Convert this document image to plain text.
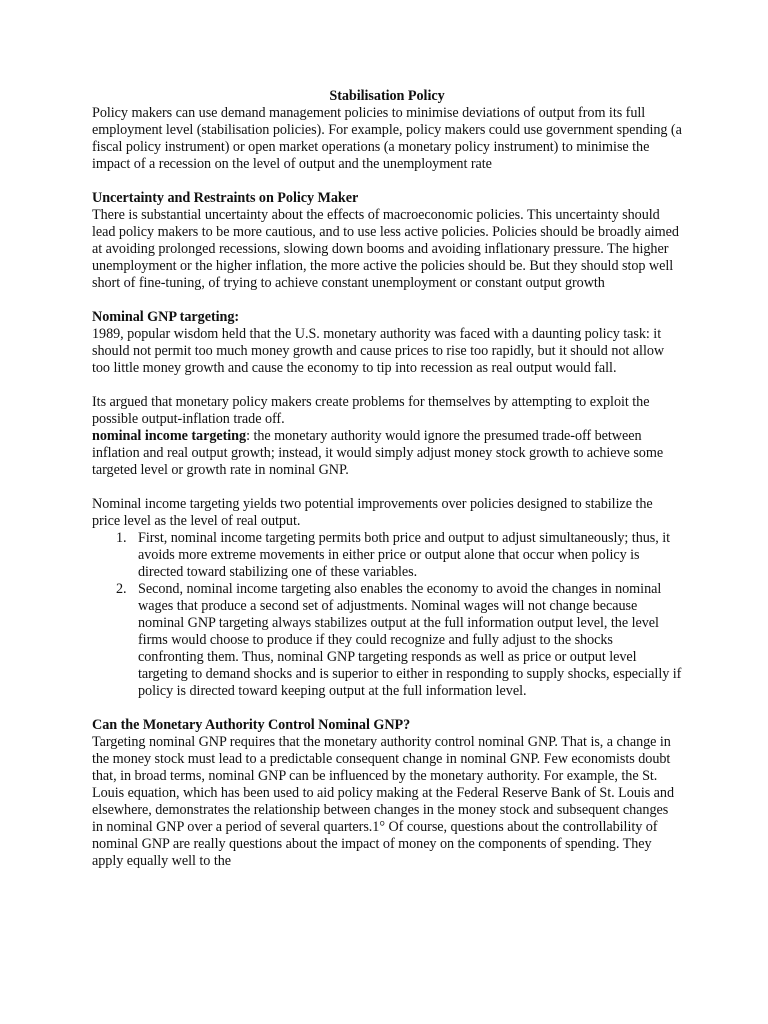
Stabilisation Policy

Policy makers can use demand management policies to minimise deviations of output from its full employment level (stabilisation policies). For example, policy makers could use government spending (a fiscal policy instrument) or open market operations (a monetary policy instrument) to minimise the impact of a recession on the level of output and the unemployment rate

Uncertainty and Restraints on Policy Maker

There is substantial uncertainty about the effects of macroeconomic policies. This uncertainty should lead policy makers to be more cautious, and to use less active policies. Policies should be broadly aimed at avoiding prolonged recessions, slowing down booms and avoiding inflationary pressure. The higher unemployment or the higher inflation, the more active the policies should be. But they should stop well short of fine-tuning, of trying to achieve constant unemployment or constant output growth

Nominal GNP targeting:

1989, popular wisdom held that the U.S. monetary authority was faced with a daunting policy task: it should not permit too much money growth and cause prices to rise too rapidly, but it should not allow too little money growth and cause the economy to tip into recession as real output would fall.

Its argued that monetary policy makers create problems for themselves by attempting to exploit the possible output-inflation trade off.

nominal income targeting: the monetary authority would ignore the presumed trade-off between inflation and real output growth; instead, it would simply adjust money stock growth to achieve some targeted level or growth rate in nominal GNP.

Nominal income targeting yields two potential improvements over policies designed to stabilize the price level as the level of real output.

1. First, nominal income targeting permits both price and output to adjust simultaneously; thus, it avoids more extreme movements in either price or output alone that occur when policy is directed toward stabilizing one of these variables.
2. Second, nominal income targeting also enables the economy to avoid the changes in nominal wages that produce a second set of adjustments. Nominal wages will not change because nominal GNP targeting always stabilizes output at the full information output level, the level firms would choose to produce if they could recognize and fully adjust to the shocks confronting them. Thus, nominal GNP targeting responds as well as price or output level targeting to demand shocks and is superior to either in responding to supply shocks, especially if policy is directed toward keeping output at the full information level.

Can the Monetary Authority Control Nominal GNP?

Targeting nominal GNP requires that the monetary authority control nominal GNP. That is, a change in the money stock must lead to a predictable consequent change in nominal GNP. Few economists doubt that, in broad terms, nominal GNP can be influenced by the monetary authority. For example, the St. Louis equation, which has been used to aid policy making at the Federal Reserve Bank of St. Louis and elsewhere, demonstrates the relationship between changes in the money stock and subsequent changes in nominal GNP over a period of several quarters.1° Of course, questions about the controllability of nominal GNP are really questions about the impact of money on the components of spending. They apply equally well to the
